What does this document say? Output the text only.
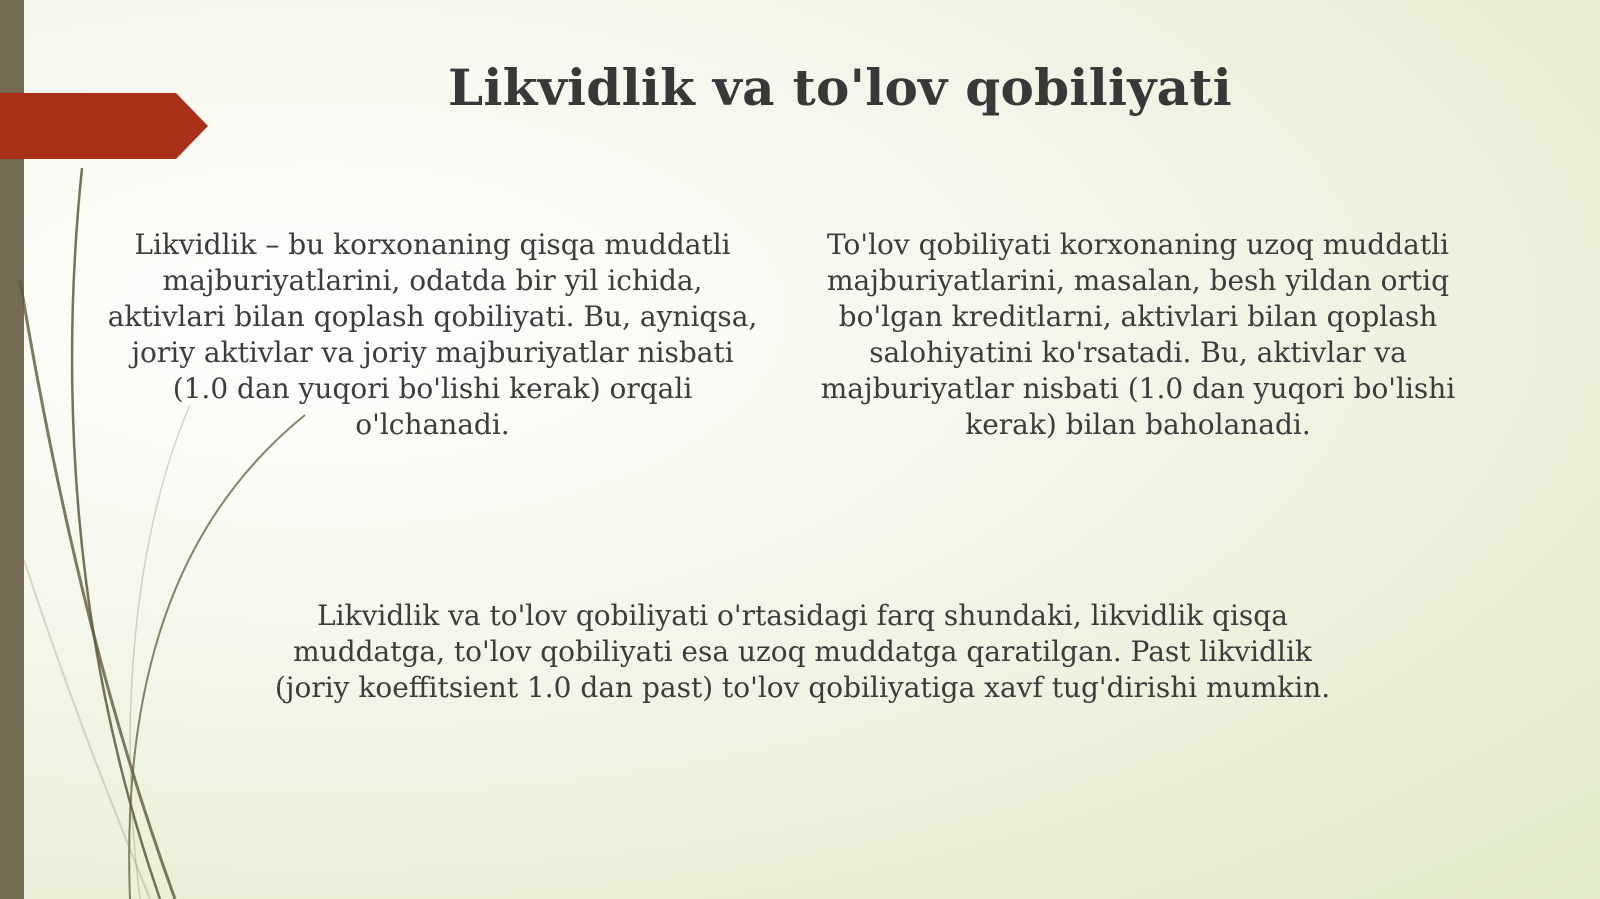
Likvidlik va to'lov qobiliyati
Likvidlik – bu korxonaning qisqa muddatli majburiyatlarini, odatda bir yil ichida, aktivlari bilan qoplash qobiliyati. Bu, ayniqsa, joriy aktivlar va joriy majburiyatlar nisbati (1.0 dan yuqori bo'lishi kerak) orqali o'lchanadi.
To'lov qobiliyati korxonaning uzoq muddatli majburiyatlarini, masalan, besh yildan ortiq bo'lgan kreditlarni, aktivlari bilan qoplash salohiyatini ko'rsatadi. Bu, aktivlar va majburiyatlar nisbati (1.0 dan yuqori bo'lishi kerak) bilan baholanadi.
Likvidlik va to'lov qobiliyati o'rtasidagi farq shundaki, likvidlik qisqa muddatga, to'lov qobiliyati esa uzoq muddatga qaratilgan. Past likvidlik (joriy koeffitsient 1.0 dan past) to'lov qobiliyatiga xavf tug'dirishi mumkin.
